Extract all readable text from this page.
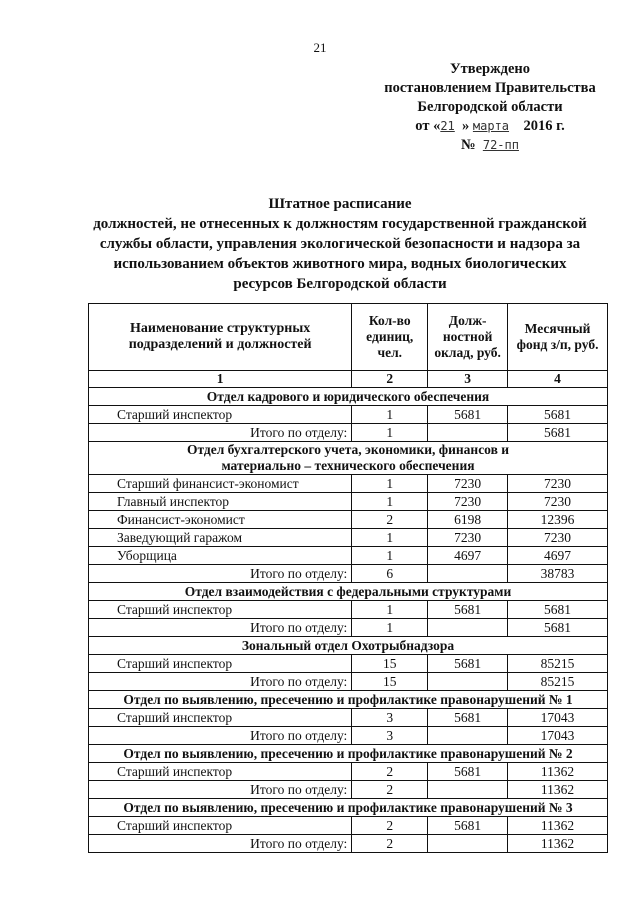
21
Утверждено
постановлением Правительства
Белгородской области
от «21 » марта 2016 г.
№ 72-пп
Штатное расписание
должностей, не отнесенных к должностям государственной гражданской
службы области, управления экологической безопасности и надзора за
использованием объектов животного мира, водных биологических
ресурсов Белгородской области
Наименование структурных подразделений и должностей	Кол-во единиц, чел.	Долж-ностной оклад, руб.	Месячный фонд з/п, руб.
1	2	3	4
Отдел кадрового и юридического обеспечения			
Старший инспектор	1	5681	5681
Итого по отделу:	1		5681
Отдел бухгалтерского учета, экономики, финансов и материально – технического обеспечения			
Старший финансист-экономист	1	7230	7230
Главный инспектор	1	7230	7230
Финансист-экономист	2	6198	12396
Заведующий гаражом	1	7230	7230
Уборщица	1	4697	4697
Итого по отделу:	6		38783
Отдел взаимодействия с федеральными структурами			
Старший инспектор	1	5681	5681
Итого по отделу:	1		5681
Зональный отдел Охотрыбнадзора			
Старший инспектор	15	5681	85215
Итого по отделу:	15		85215
Отдел по выявлению, пресечению и профилактике правонарушений № 1			
Старший инспектор	3	5681	17043
Итого по отделу:	3		17043
Отдел по выявлению, пресечению и профилактике правонарушений № 2			
Старший инспектор	2	5681	11362
Итого по отделу:	2		11362
Отдел по выявлению, пресечению и профилактике правонарушений № 3			
Старший инспектор	2	5681	11362
Итого по отделу:	2		11362
